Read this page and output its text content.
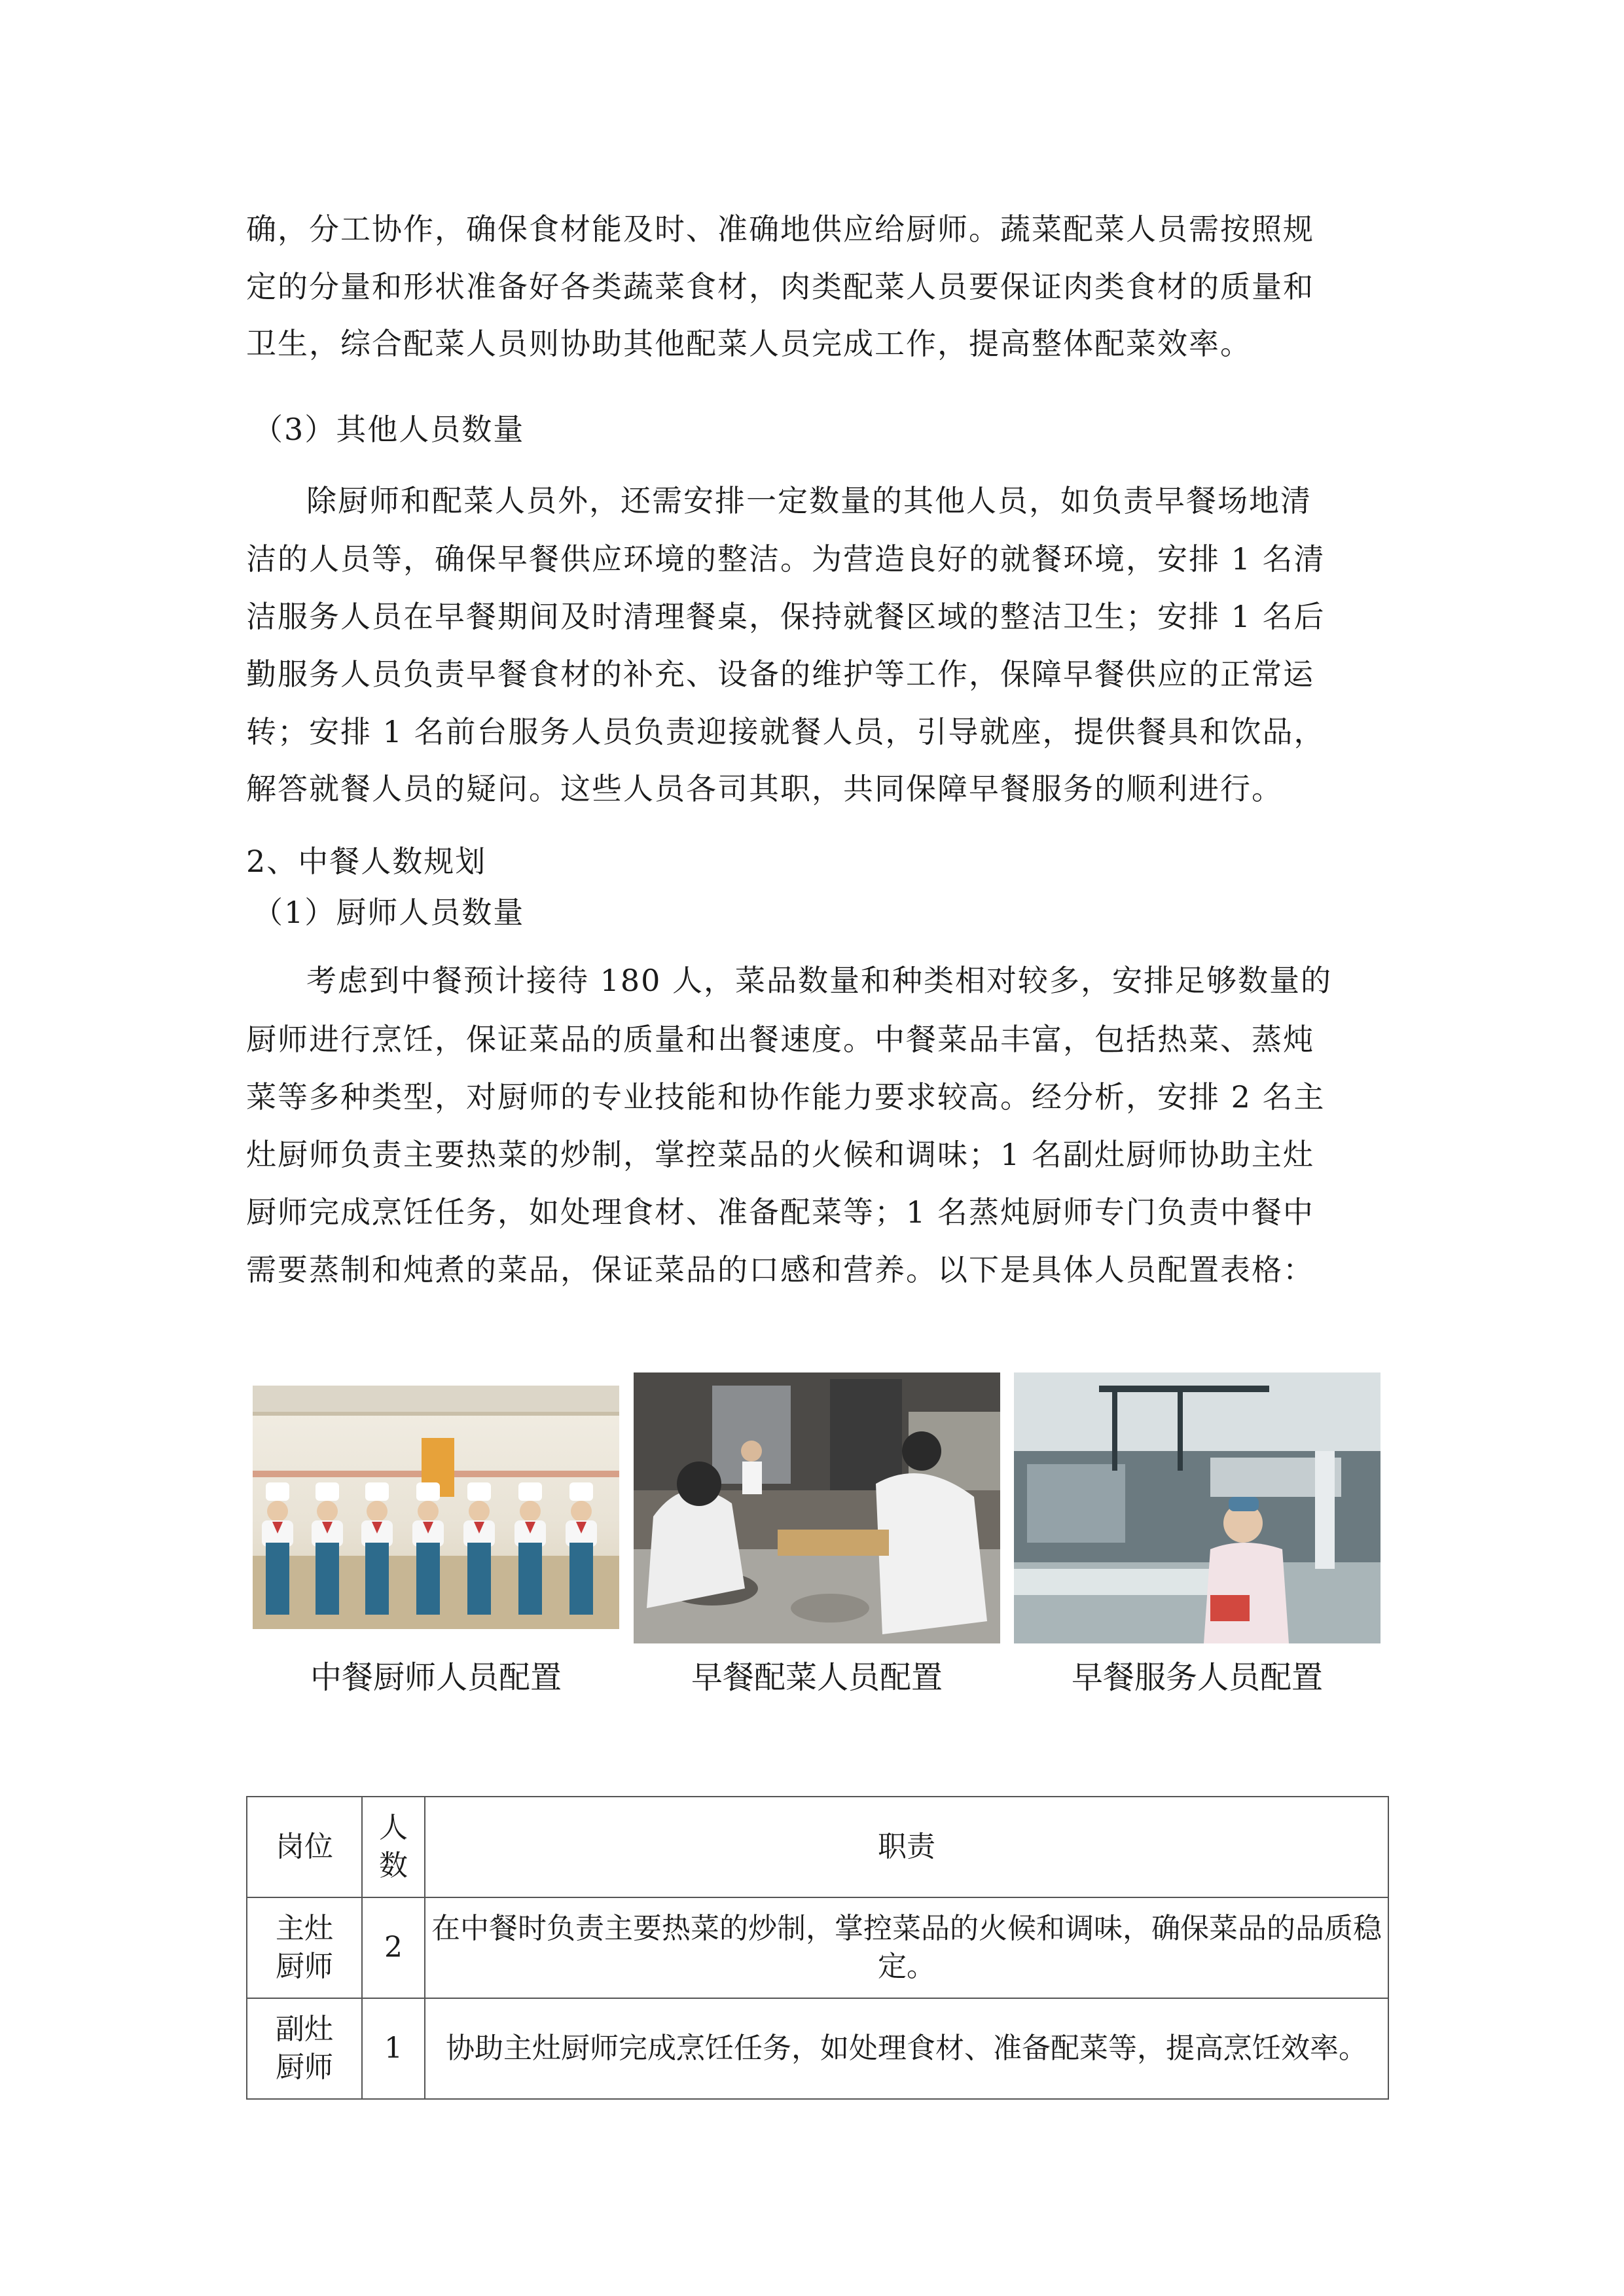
确，分工协作，确保食材能及时、准确地供应给厨师。蔬菜配菜人员需按照规
定的分量和形状准备好各类蔬菜食材，肉类配菜人员要保证肉类食材的质量和
卫生，综合配菜人员则协助其他配菜人员完成工作，提高整体配菜效率。
（3）其他人员数量
除厨师和配菜人员外，还需安排一定数量的其他人员，如负责早餐场地清
洁的人员等，确保早餐供应环境的整洁。为营造良好的就餐环境，安排 1 名清
洁服务人员在早餐期间及时清理餐桌，保持就餐区域的整洁卫生；安排 1 名后
勤服务人员负责早餐食材的补充、设备的维护等工作，保障早餐供应的正常运
转；安排 1 名前台服务人员负责迎接就餐人员，引导就座，提供餐具和饮品，
解答就餐人员的疑问。这些人员各司其职，共同保障早餐服务的顺利进行。
2、中餐人数规划
（1）厨师人员数量
考虑到中餐预计接待 180 人，菜品数量和种类相对较多，安排足够数量的
厨师进行烹饪，保证菜品的质量和出餐速度。中餐菜品丰富，包括热菜、蒸炖
菜等多种类型，对厨师的专业技能和协作能力要求较高。经分析，安排 2 名主
灶厨师负责主要热菜的炒制，掌控菜品的火候和调味；1 名副灶厨师协助主灶
厨师完成烹饪任务，如处理食材、准备配菜等；1 名蒸炖厨师专门负责中餐中
需要蒸制和炖煮的菜品，保证菜品的口感和营养。以下是具体人员配置表格：
中餐厨师人员配置	早餐配菜人员配置	早餐服务人员配置
岗位	人数	职责
主灶厨师	2	在中餐时负责主要热菜的炒制，掌控菜品的火候和调味，确保菜品的品质稳定。
副灶厨师	1	协助主灶厨师完成烹饪任务，如处理食材、准备配菜等，提高烹饪效率。
